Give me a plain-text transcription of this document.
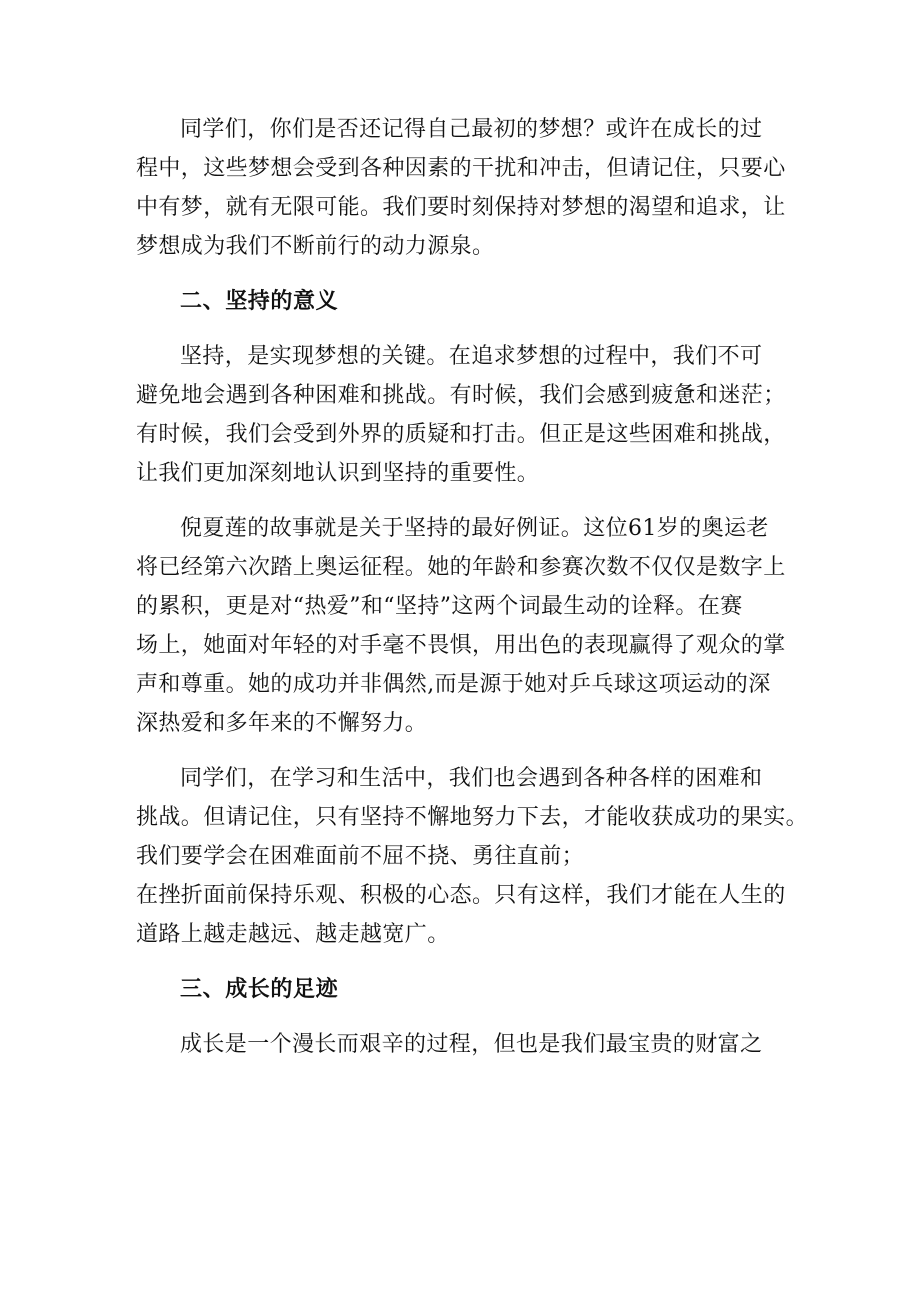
同学们，你们是否还记得自己最初的梦想？或许在成长的过
程中，这些梦想会受到各种因素的干扰和冲击，但请记住，只要心
中有梦，就有无限可能。我们要时刻保持对梦想的渴望和追求，让
梦想成为我们不断前行的动力源泉。
二、坚持的意义
坚持，是实现梦想的关键。在追求梦想的过程中，我们不可
避免地会遇到各种困难和挑战。有时候，我们会感到疲惫和迷茫；
有时候，我们会受到外界的质疑和打击。但正是这些困难和挑战，
让我们更加深刻地认识到坚持的重要性。
倪夏莲的故事就是关于坚持的最好例证。这位61岁的奥运老
将已经第六次踏上奥运征程。她的年龄和参赛次数不仅仅是数字上
的累积，更是对“热爱”和“坚持”这两个词最生动的诠释。在赛
场上，她面对年轻的对手毫不畏惧，用出色的表现赢得了观众的掌
声和尊重。她的成功并非偶然,而是源于她对乒乓球这项运动的深
深热爱和多年来的不懈努力。
同学们，在学习和生活中，我们也会遇到各种各样的困难和
挑战。但请记住，只有坚持不懈地努力下去，才能收获成功的果实。
我们要学会在困难面前不屈不挠、勇往直前；
在挫折面前保持乐观、积极的心态。只有这样，我们才能在人生的
道路上越走越远、越走越宽广。
三、成长的足迹
成长是一个漫长而艰辛的过程，但也是我们最宝贵的财富之
